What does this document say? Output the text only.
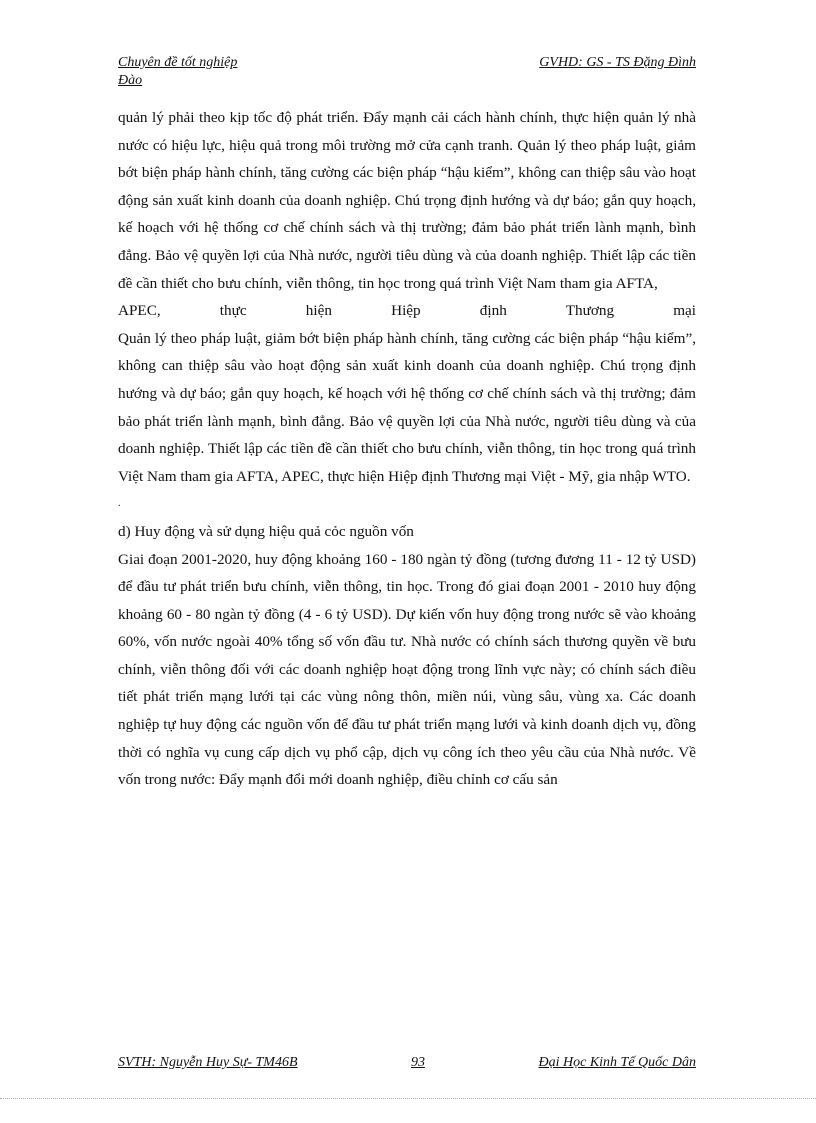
Chuyên đề tốt nghiệp	GVHD: GS - TS Đặng Đình
Đào

quản lý phải theo kịp tốc độ phát triển. Đẩy mạnh cải cách hành chính, thực hiện quản lý nhà nước có hiệu lực, hiệu quả trong môi trường mở cửa cạnh tranh. Quản lý theo pháp luật, giảm bớt biện pháp hành chính, tăng cường các biện pháp “hậu kiểm”, không can thiệp sâu vào hoạt động sản xuất kinh doanh của doanh nghiệp. Chú trọng định hướng và dự báo; gắn quy hoạch, kế hoạch với hệ thống cơ chế chính sách và thị trường; đảm bảo phát triển lành mạnh, bình đẳng. Bảo vệ quyền lợi của Nhà nước, người tiêu dùng và của doanh nghiệp. Thiết lập các tiền đề cần thiết cho bưu chính, viễn thông, tin học trong quá trình Việt Nam tham gia AFTA,

APEC, thực hiện Hiệp định Thương mại

Quản lý theo pháp luật, giảm bớt biện pháp hành chính, tăng cường các biện pháp “hậu kiểm”, không can thiệp sâu vào hoạt động sản xuất kinh doanh của doanh nghiệp. Chú trọng định hướng và dự báo; gắn quy hoạch, kế hoạch với hệ thống cơ chế chính sách và thị trường; đảm bảo phát triển lành mạnh, bình đẳng. Bảo vệ quyền lợi của Nhà nước, người tiêu dùng và của doanh nghiệp. Thiết lập các tiền đề cần thiết cho bưu chính, viễn thông, tin học trong quá trình Việt Nam tham gia AFTA, APEC, thực hiện Hiệp định Thương mại Việt - Mỹ, gia nhập WTO.

.

d) Huy động và sử dụng hiệu quả cỏc nguồn vốn

Giai đoạn 2001-2020, huy động khoảng 160 - 180 ngàn tỷ đồng (tương đương 11 - 12 tỷ USD) để đầu tư phát triển bưu chính, viễn thông, tin học. Trong đó giai đoạn 2001 - 2010 huy động khoảng 60 - 80 ngàn tỷ đồng (4 - 6 tỷ USD). Dự kiến vốn huy động trong nước sẽ vào khoảng 60%, vốn nước ngoài 40% tổng số vốn đầu tư. Nhà nước có chính sách thương quyền về bưu chính, viễn thông đối với các doanh nghiệp hoạt động trong lĩnh vực này; có chính sách điều tiết phát triển mạng lưới tại các vùng nông thôn, miền núi, vùng sâu, vùng xa. Các doanh nghiệp tự huy động các nguồn vốn để đầu tư phát triển mạng lưới và kinh doanh dịch vụ, đồng thời có nghĩa vụ cung cấp dịch vụ phổ cập, dịch vụ công ích theo yêu cầu của Nhà nước. Về vốn trong nước: Đẩy mạnh đổi mới doanh nghiệp, điều chỉnh cơ cấu sản

SVTH: Nguyễn Huy Sự- TM46B	93	Đại Học Kinh Tế Quốc Dân
